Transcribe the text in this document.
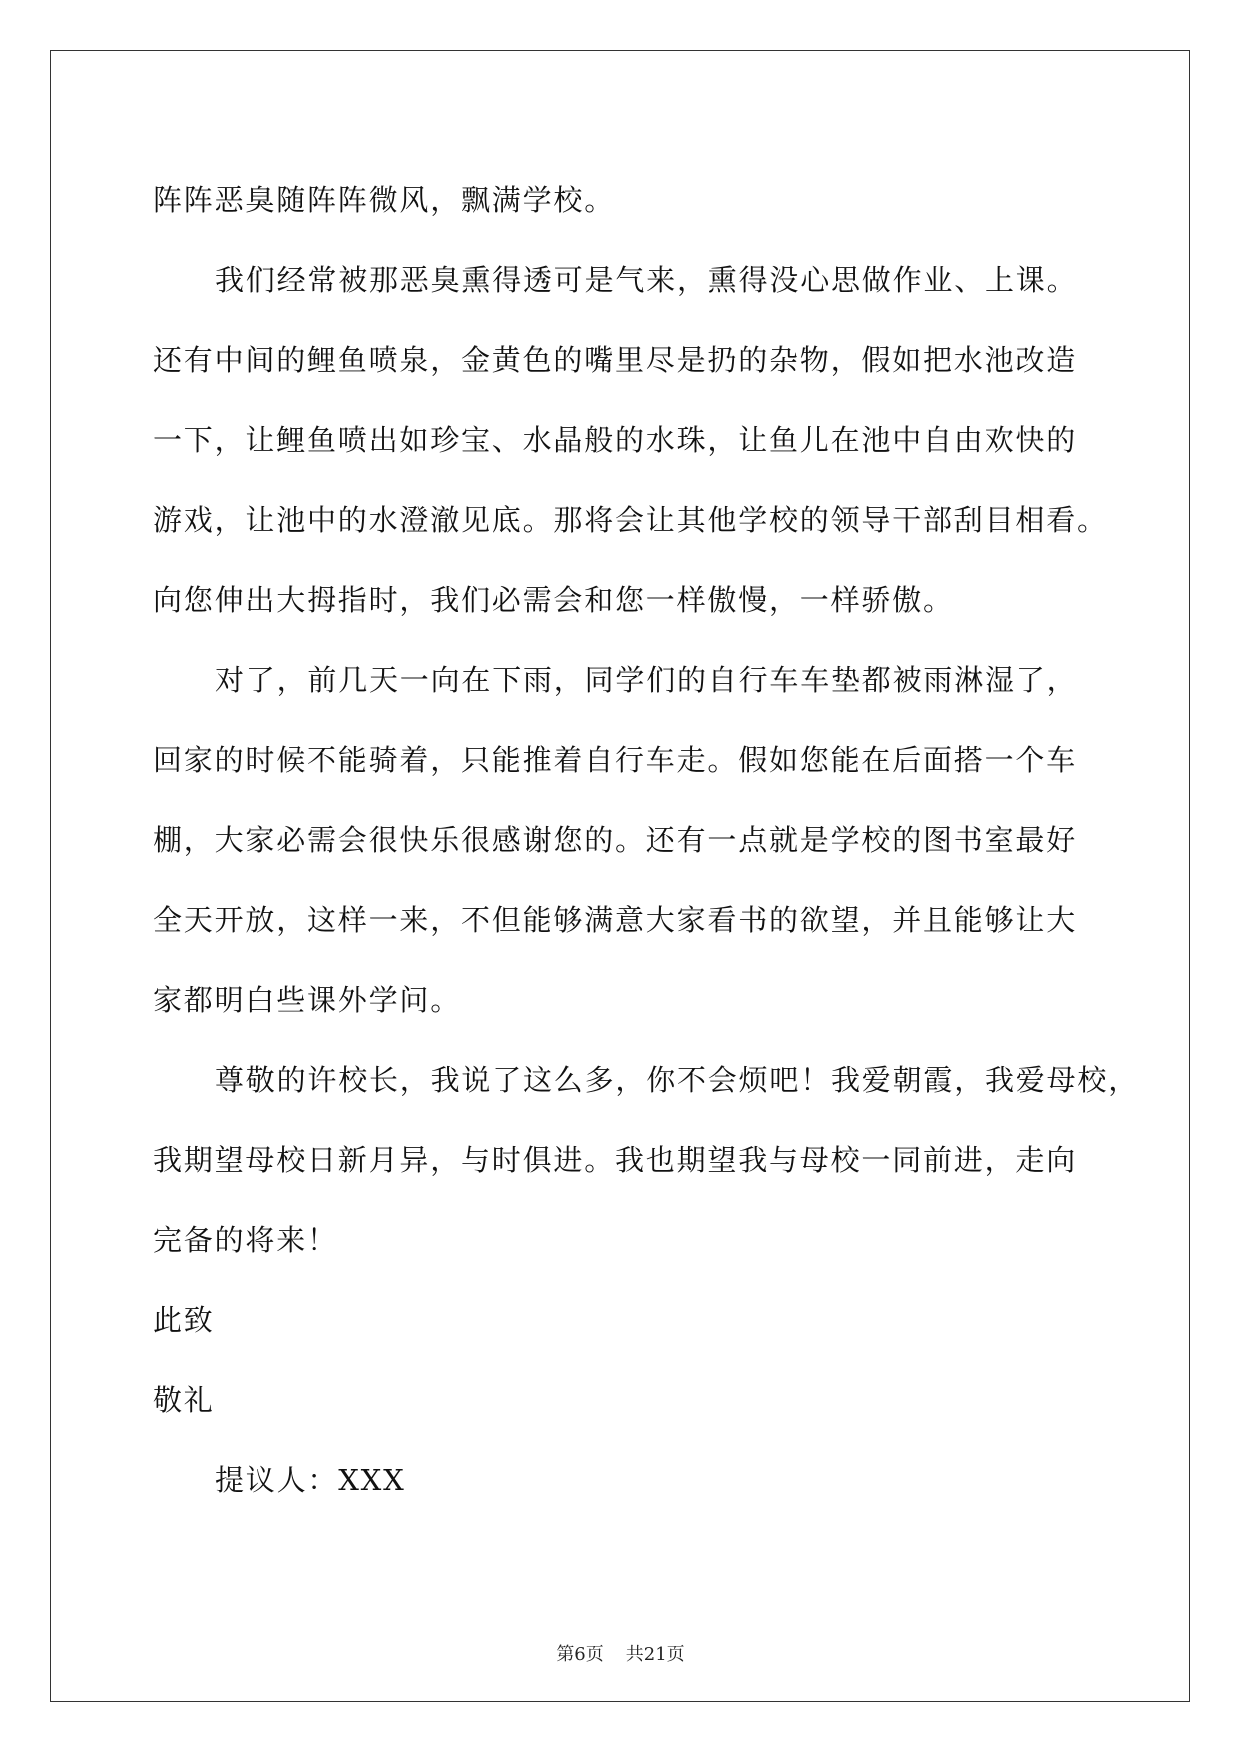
阵阵恶臭随阵阵微风，飘满学校。
我们经常被那恶臭熏得透可是气来，熏得没心思做作业、上课。
还有中间的鲤鱼喷泉，金黄色的嘴里尽是扔的杂物，假如把水池改造
一下，让鲤鱼喷出如珍宝、水晶般的水珠，让鱼儿在池中自由欢快的
游戏，让池中的水澄澈见底。那将会让其他学校的领导干部刮目相看。
向您伸出大拇指时，我们必需会和您一样傲慢，一样骄傲。
对了，前几天一向在下雨，同学们的自行车车垫都被雨淋湿了，
回家的时候不能骑着，只能推着自行车走。假如您能在后面搭一个车
棚，大家必需会很快乐很感谢您的。还有一点就是学校的图书室最好
全天开放，这样一来，不但能够满意大家看书的欲望，并且能够让大
家都明白些课外学问。
尊敬的许校长，我说了这么多，你不会烦吧！我爱朝霞，我爱母校，
我期望母校日新月异，与时俱进。我也期望我与母校一同前进，走向
完备的将来！
此致
敬礼
提议人：XXX
第6页 共21页
